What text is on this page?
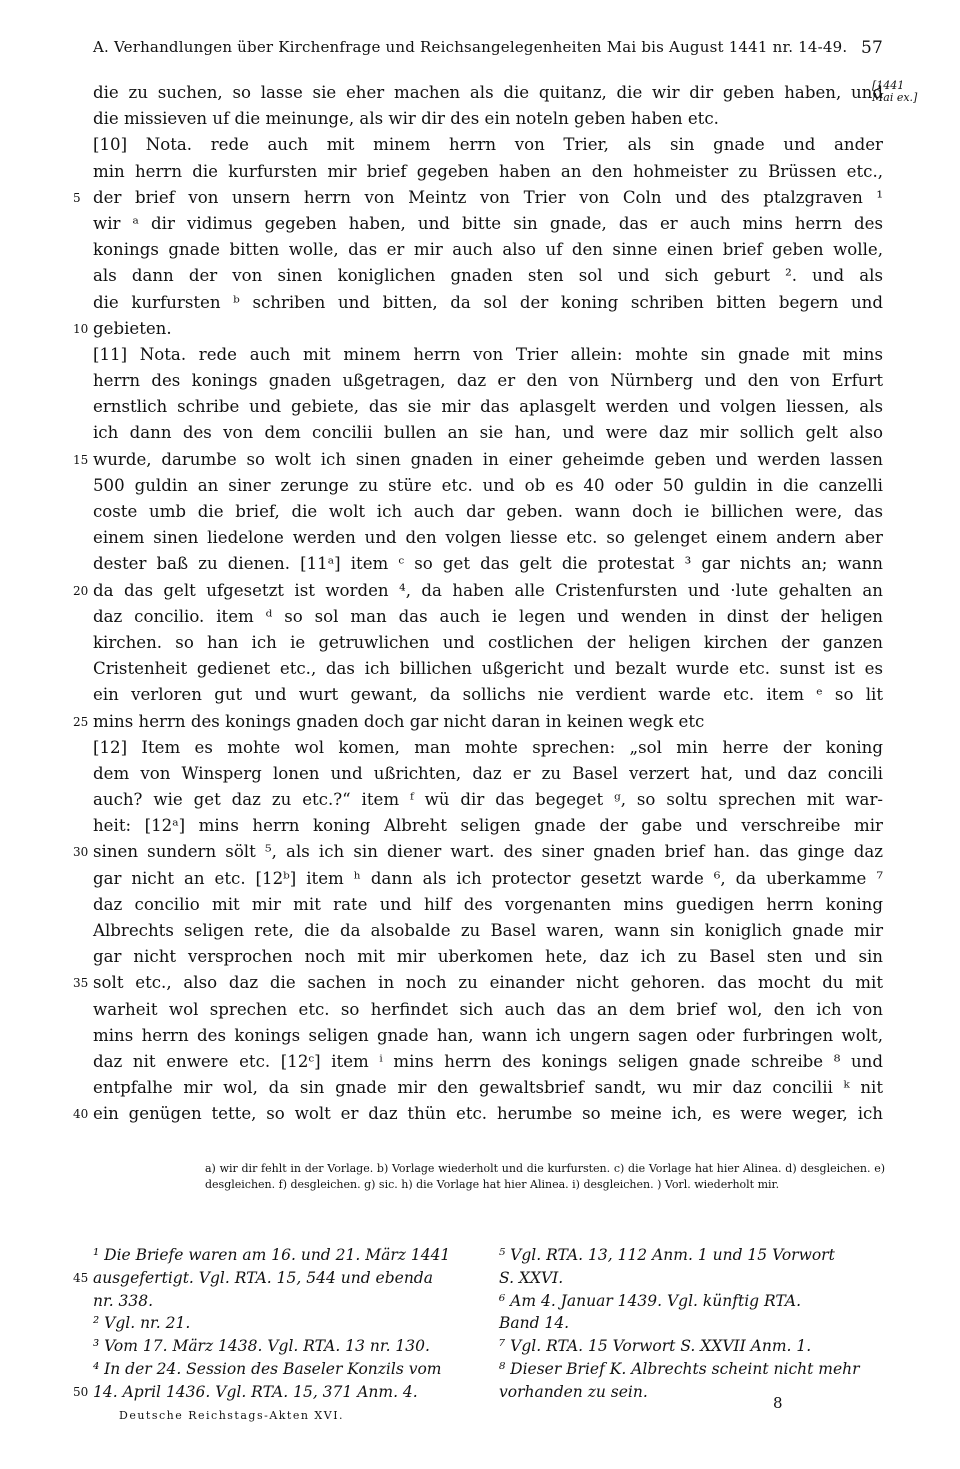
A. Verhandlungen über Kirchenfrage und Reichsangelegenheiten Mai bis August 1441 nr. 14-49. 57
[1441
Mai ex.]
die zu suchen, so lasse sie eher machen als die quitanz, die wir dir geben haben, und
die missieven uf die meinunge, als wir dir des ein noteln geben haben etc.
[10] Nota. rede auch mit minem herrn von Trier, als sin gnade und ander
min herrn die kurfursten mir brief gegeben haben an den hohmeister zu Brüssen etc.,
5 der brief von unsern herrn von Meintz von Trier von Coln und des ptalzgraven ¹
wir ᵃ dir vidimus gegeben haben, und bitte sin gnade, das er auch mins herrn des
konings gnade bitten wolle, das er mir auch also uf den sinne einen brief geben wolle,
als dann der von sinen koniglichen gnaden sten sol und sich geburt ². und als
die kurfursten ᵇ schriben und bitten, da sol der koning schriben bitten begern und
10 gebieten.
[11] Nota. rede auch mit minem herrn von Trier allein: mohte sin gnade mit mins
herrn des konings gnaden ußgetragen, daz er den von Nürnberg und den von Erfurt
ernstlich schribe und gebiete, das sie mir das aplasgelt werden und volgen liessen, als
ich dann des von dem concilii bullen an sie han, und were daz mir sollich gelt also
15 wurde, darumbe so wolt ich sinen gnaden in einer geheimde geben und werden lassen
500 guldin an siner zerunge zu stüre etc. und ob es 40 oder 50 guldin in die canzelli
coste umb die brief, die wolt ich auch dar geben. wann doch ie billichen were, das
einem sinen liedelone werden und den volgen liesse etc. so gelenget einem andern aber
dester baß zu dienen. [11ᵃ] item ᶜ so get das gelt die protestat ³ gar nichts an; wann
20 da das gelt ufgesetzt ist worden ⁴, da haben alle Cristenfursten und ·lute gehalten an
daz concilio. item ᵈ so sol man das auch ie legen und wenden in dinst der heligen
kirchen. so han ich ie getruwlichen und costlichen der heligen kirchen der ganzen
Cristenheit gedienet etc., das ich billichen ußgericht und bezalt wurde etc. sunst ist es
ein verloren gut und wurt gewant, da sollichs nie verdient warde etc. item ᵉ so lit
25 mins herrn des konings gnaden doch gar nicht daran in keinen wegk etc
[12] Item es mohte wol komen, man mohte sprechen: „sol min herre der koning
dem von Winsperg lonen und ußrichten, daz er zu Basel verzert hat, und daz concili
auch? wie get daz zu etc.?“ item ᶠ wü dir das begeget ᵍ, so soltu sprechen mit war-
heit: [12ᵃ] mins herrn koning Albreht seligen gnade der gabe und verschreibe mir
30 sinen sundern sölt ⁵, als ich sin diener wart. des siner gnaden brief han. das ginge daz
gar nicht an etc. [12ᵇ] item ʰ dann als ich protector gesetzt warde ⁶, da uberkamme ⁷
daz concilio mit mir mit rate und hilf des vorgenanten mins guedigen herrn koning
Albrechts seligen rete, die da alsobalde zu Basel waren, wann sin koniglich gnade mir
gar nicht versprochen noch mit mir uberkomen hete, daz ich zu Basel sten und sin
35 solt etc., also daz die sachen in noch zu einander nicht gehoren. das mocht du mit
warheit wol sprechen etc. so herfindet sich auch das an dem brief wol, den ich von
mins herrn des konings seligen gnade han, wann ich ungern sagen oder furbringen wolt,
daz nit enwere etc. [12ᶜ] item ⁱ mins herrn des konings seligen gnade schreibe ⁸ und
entpfalhe mir wol, da sin gnade mir den gewaltsbrief sandt, wu mir daz concilii ᵏ nit
40 ein genügen tette, so wolt er daz thün etc. herumbe so meine ich, es were weger, ich
a) wir dir fehlt in der Vorlage. b) Vorlage wiederholt und die kurfursten. c) die Vorlage hat hier Alinea. d) desgleichen. e) desgleichen. f) desgleichen. g) sic. h) die Vorlage hat hier Alinea. i) desgleichen. ) Vorl. wiederholt mir.
¹ Die Briefe waren am 16. und 21. März 1441
45 ausgefertigt. Vgl. RTA. 15, 544 und ebenda
nr. 338.
² Vgl. nr. 21.
³ Vom 17. März 1438. Vgl. RTA. 13 nr. 130.
⁴ In der 24. Session des Baseler Konzils vom
50 14. April 1436. Vgl. RTA. 15, 371 Anm. 4.
⁵ Vgl. RTA. 13, 112 Anm. 1 und 15 Vorwort
S. XXVI.
⁶ Am 4. Januar 1439. Vgl. künftig RTA.
Band 14.
⁷ Vgl. RTA. 15 Vorwort S. XXVII Anm. 1.
⁸ Dieser Brief K. Albrechts scheint nicht mehr
vorhanden zu sein.
Deutsche Reichstags-Akten XVI.
8
